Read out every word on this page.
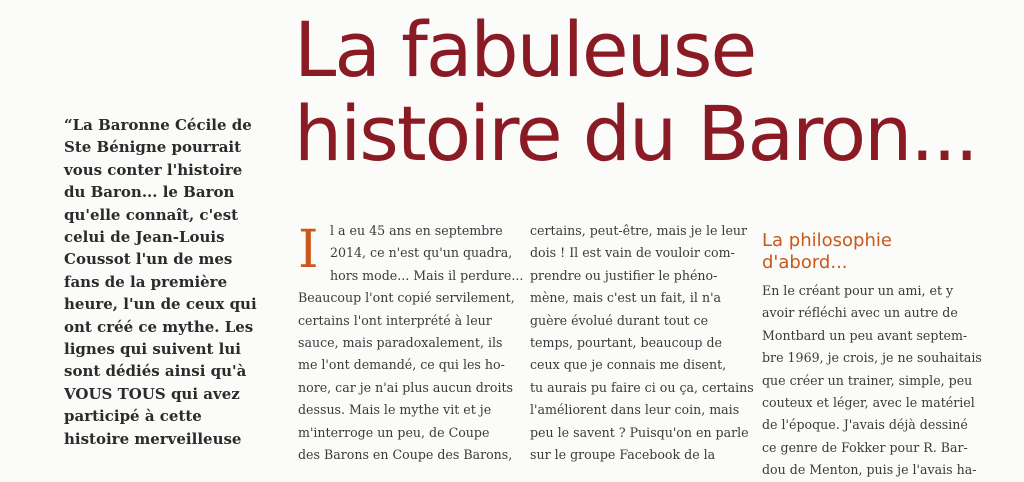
La fabuleuse
histoire du Baron...
“La Baronne Cécile de Ste Bénigne pourrait vous conter l'histoire du Baron... le Baron qu'elle connaît, c'est celui de Jean-Louis Coussot l'un de mes fans de la première heure, l'un de ceux qui ont créé ce mythe. Les lignes qui suivent lui sont dédiés ainsi qu'à VOUS TOUS qui avez participé à cette histoire merveilleuse
I l a eu 45 ans en septembre

2014, ce n'est qu'un quadra,

hors mode... Mais il perdure...

Beaucoup l'ont copié servilement,

certains l'ont interprété à leur

sauce, mais paradoxalement, ils

me l'ont demandé, ce qui les ho-

nore, car je n'ai plus aucun droits

dessus. Mais le mythe vit et je

m'interroge un peu, de Coupe

des Barons en Coupe des Barons,

certains, peut-être, mais je le leur

dois ! Il est vain de vouloir com-

prendre ou justifier le phéno-

mène, mais c'est un fait, il n'a

guère évolué durant tout ce

temps, pourtant, beaucoup de

ceux que je connais me disent,

tu aurais pu faire ci ou ça, certains

l'améliorent dans leur coin, mais

peu le savent ? Puisqu'on en parle

sur le groupe Facebook de la

La philosophie
d'abord...

En le créant pour un ami, et y

avoir réfléchi avec un autre de

Montbard un peu avant septem-

bre 1969, je crois, je ne souhaitais

que créer un trainer, simple, peu

couteux et léger, avec le matériel

de l'époque. J'avais déjà dessiné

ce genre de Fokker pour R. Bar-

dou de Menton, puis je l'avais ha-
